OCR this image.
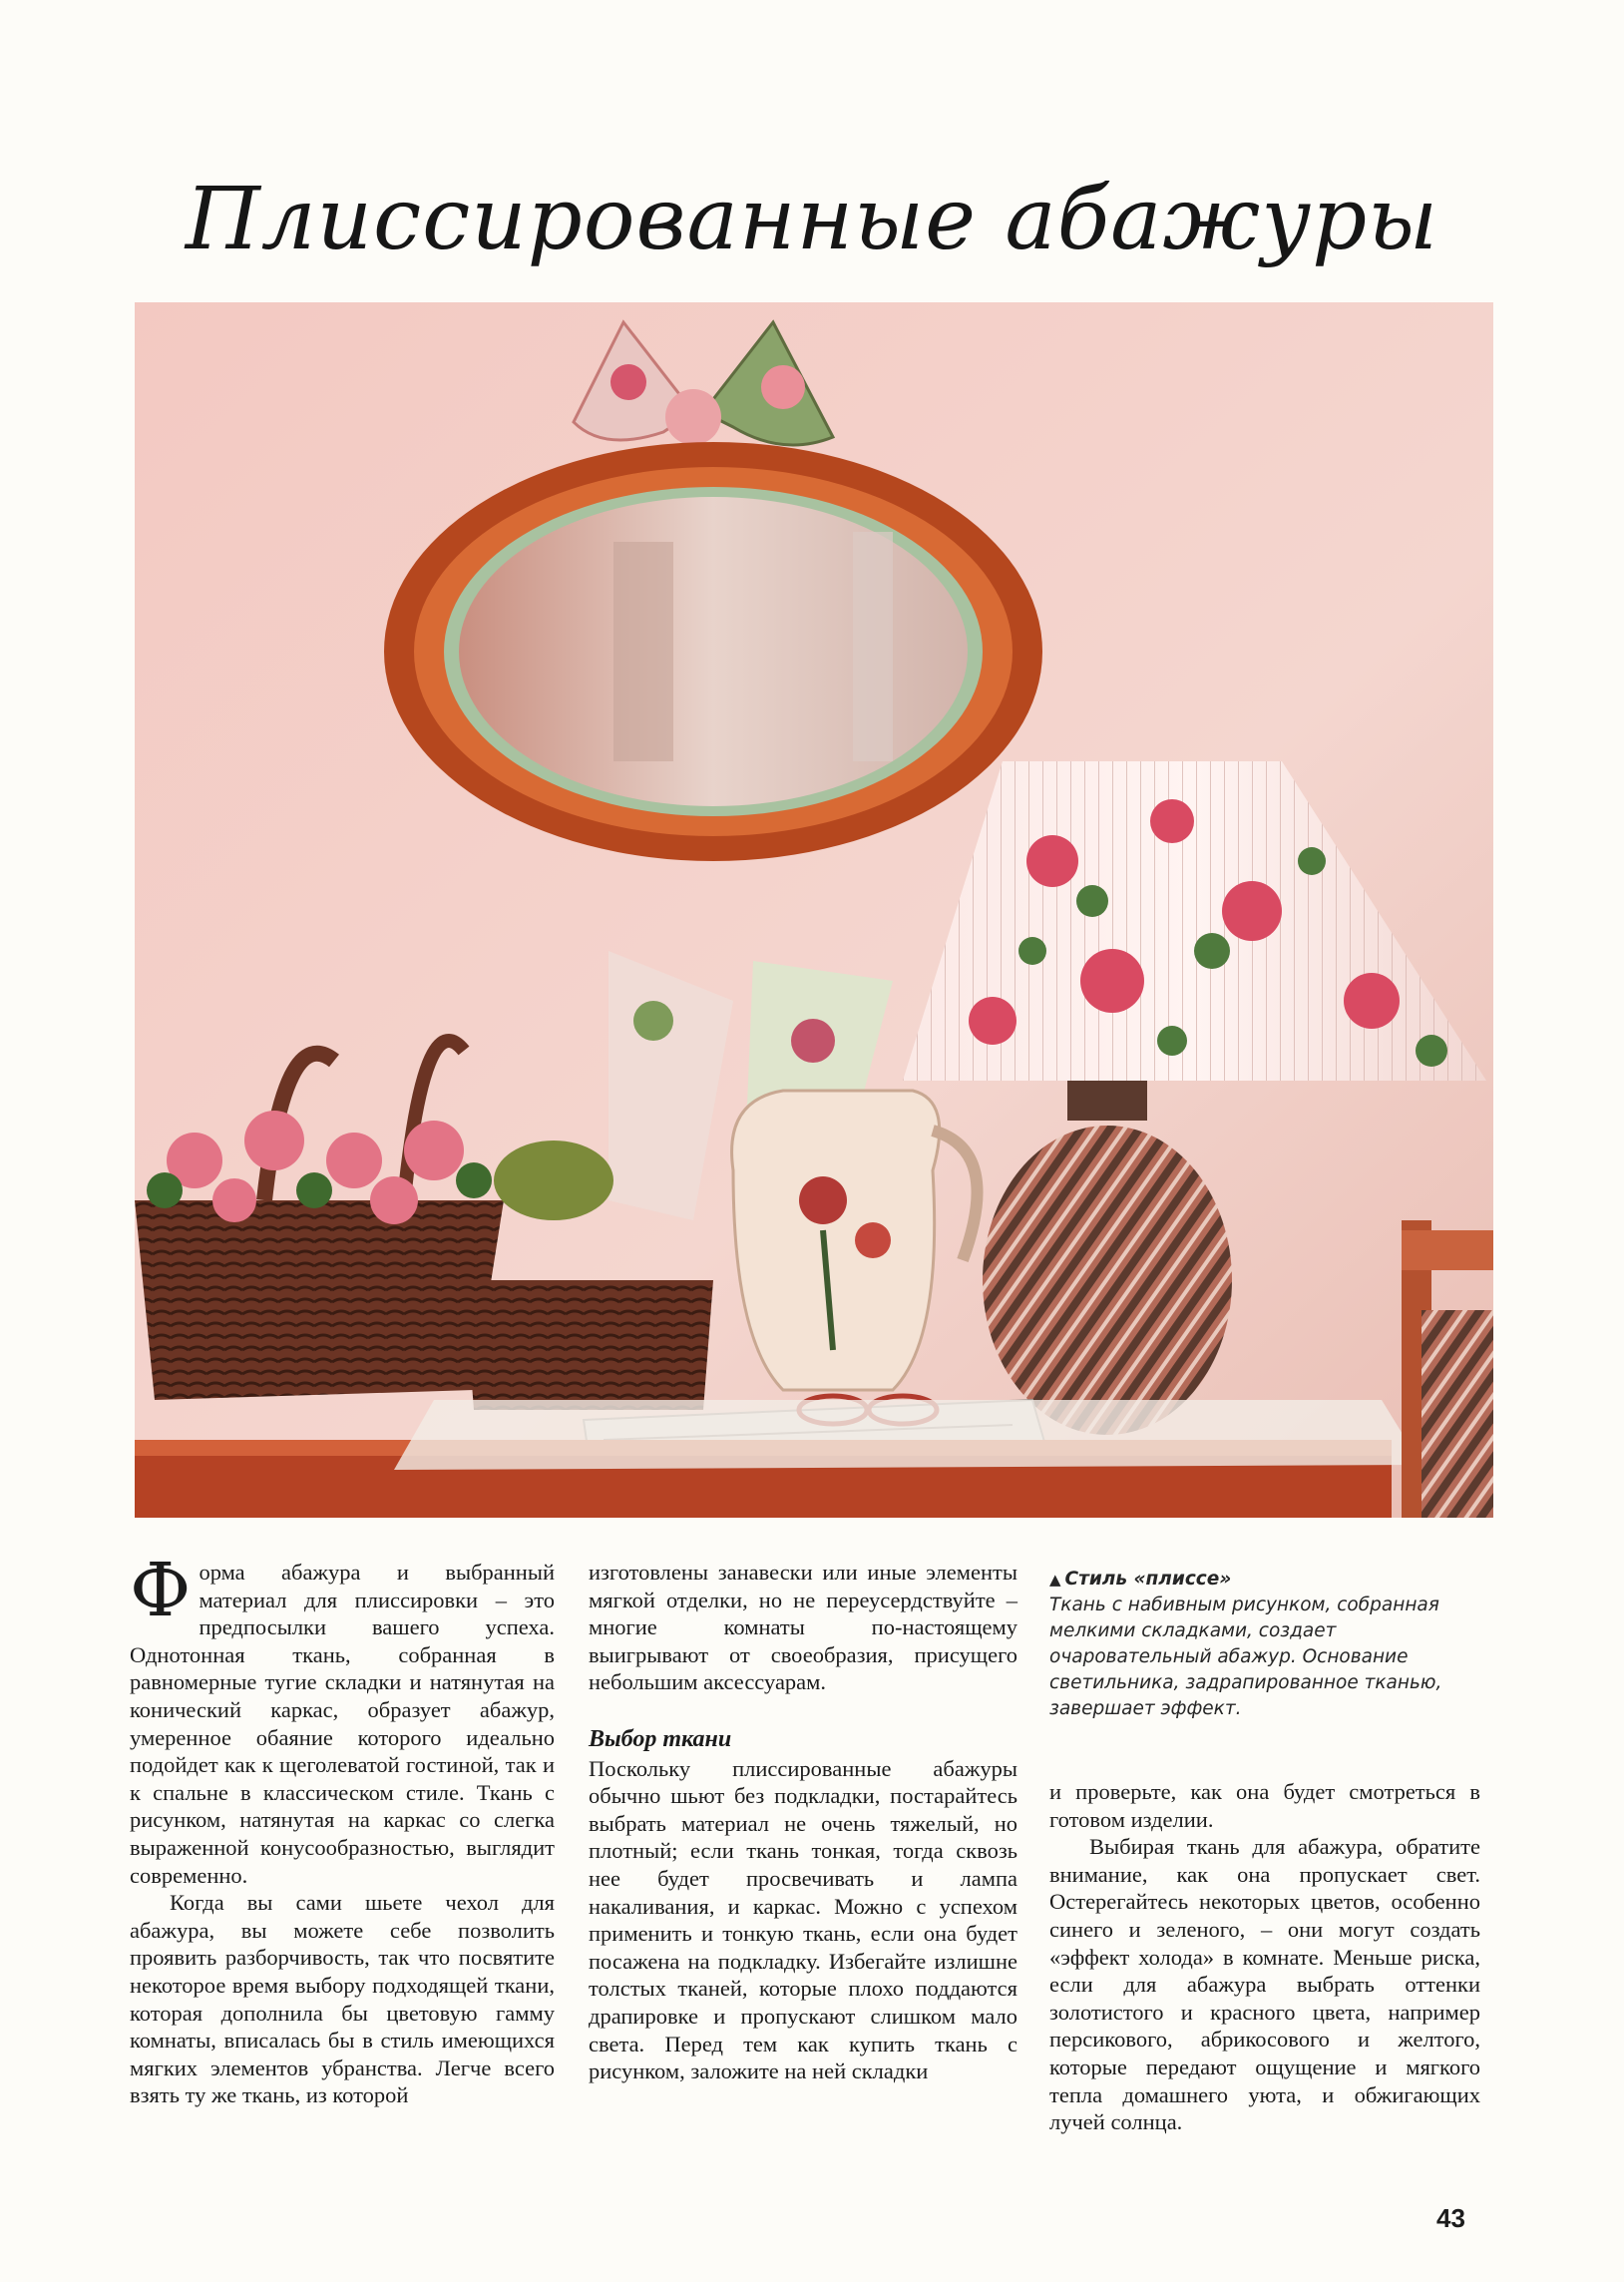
Плиссированные абажуры

Форма абажура и выбранный материал для плиссировки – это предпосылки вашего успеха. Однотонная ткань, собранная в равномерные тугие складки и натянутая на конический каркас, образует абажур, умеренное обаяние которого идеально подойдет как к щеголеватой гостиной, так и к спальне в классическом стиле. Ткань с рисунком, натянутая на каркас со слегка выраженной конусообразностью, выглядит современно.

Когда вы сами шьете чехол для абажура, вы можете себе позволить проявить разборчивость, так что посвятите некоторое время выбору подходящей ткани, которая дополнила бы цветовую гамму комнаты, вписалась бы в стиль имеющихся мягких элементов убранства. Легче всего взять ту же ткань, из которой

изготовлены занавески или иные элементы мягкой отделки, но не переусердствуйте – многие комнаты по-настоящему выигрывают от своеобразия, присущего небольшим аксессуарам.

Выбор ткани

Поскольку плиссированные абажуры обычно шьют без подкладки, постарайтесь выбрать материал не очень тяжелый, но плотный; если ткань тонкая, тогда сквозь нее будет просвечивать и лампа накаливания, и каркас. Можно с успехом применить и тонкую ткань, если она будет посажена на подкладку. Избегайте излишне толстых тканей, которые плохо поддаются драпировке и пропускают слишком мало света. Перед тем как купить ткань с рисунком, заложите на ней складки

▲ Стиль «плиссе»
Ткань с набивным рисунком, собранная мелкими складками, создает очаровательный абажур. Основание светильника, задрапированное тканью, завершает эффект.

и проверьте, как она будет смотреться в готовом изделии.

Выбирая ткань для абажура, обратите внимание, как она пропускает свет. Остерегайтесь некоторых цветов, особенно синего и зеленого, – они могут создать «эффект холода» в комнате. Меньше риска, если для абажура выбрать оттенки золотистого и красного цвета, например персикового, абрикосового и желтого, которые передают ощущение и мягкого тепла домашнего уюта, и обжигающих лучей солнца.

43
